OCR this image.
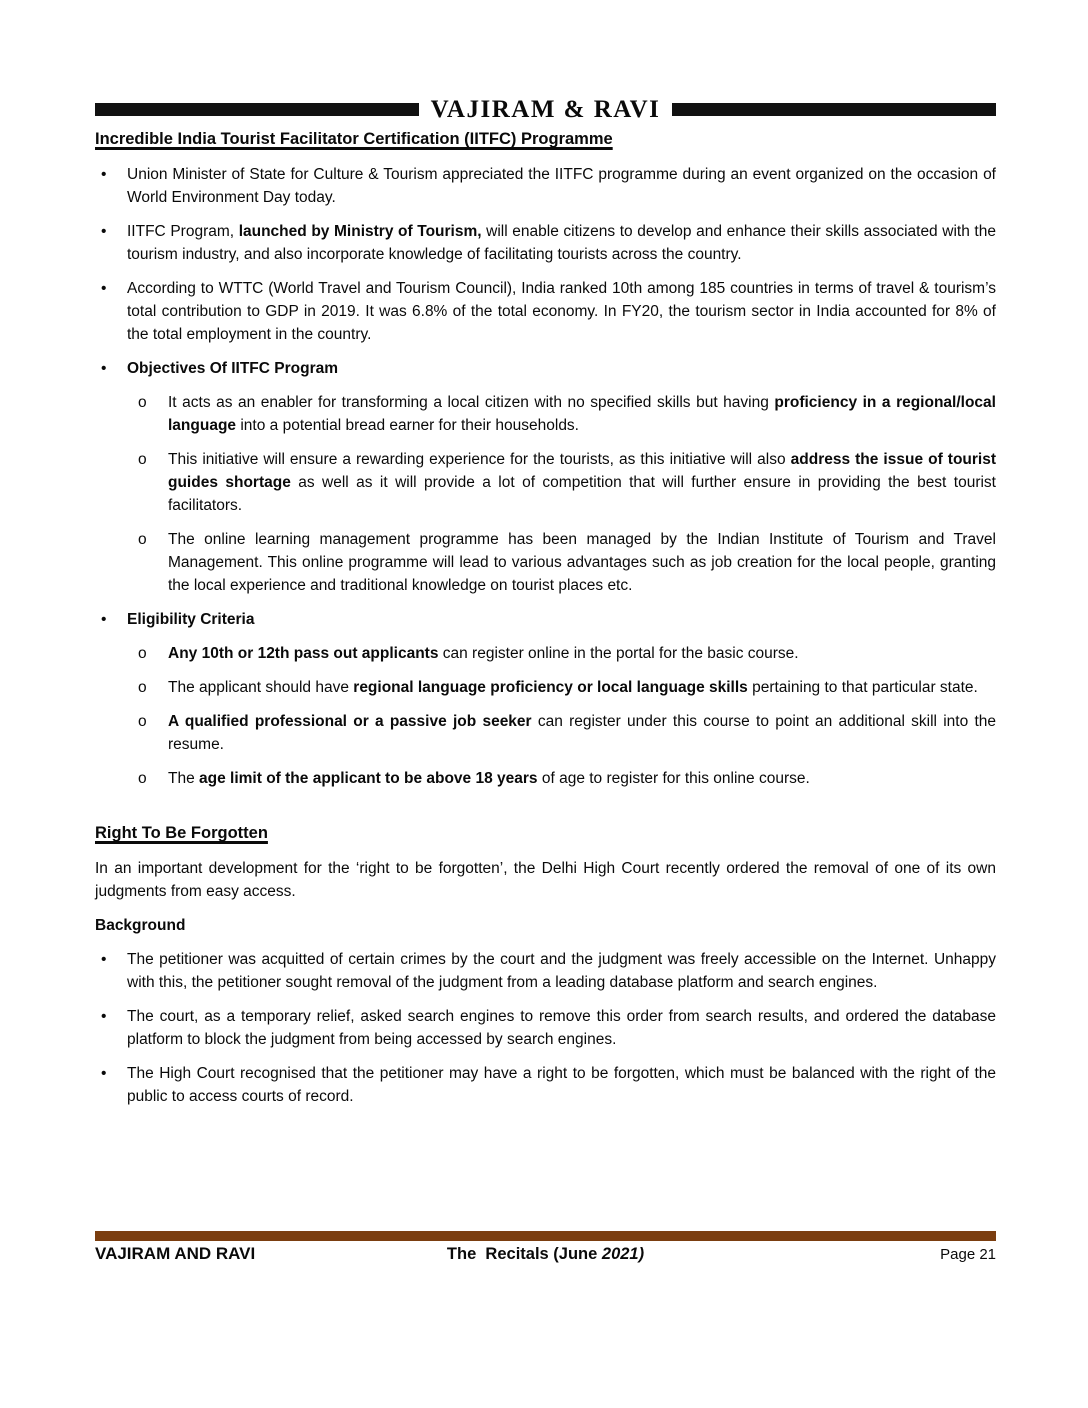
VAJIRAM & RAVI
Incredible India Tourist Facilitator Certification (IITFC) Programme
•	Union Minister of State for Culture & Tourism appreciated the IITFC programme during an event organized on the occasion of World Environment Day today.
•	IITFC Program, launched by Ministry of Tourism, will enable citizens to develop and enhance their skills associated with the tourism industry, and also incorporate knowledge of facilitating tourists across the country.
•	According to WTTC (World Travel and Tourism Council), India ranked 10th among 185 countries in terms of travel & tourism’s total contribution to GDP in 2019. It was 6.8% of the total economy. In FY20, the tourism sector in India accounted for 8% of the total employment in the country.
•	Objectives Of IITFC Program
o	It acts as an enabler for transforming a local citizen with no specified skills but having proficiency in a regional/local language into a potential bread earner for their households.
o	This initiative will ensure a rewarding experience for the tourists, as this initiative will also address the issue of tourist guides shortage as well as it will provide a lot of competition that will further ensure in providing the best tourist facilitators.
o	The online learning management programme has been managed by the Indian Institute of Tourism and Travel Management. This online programme will lead to various advantages such as job creation for the local people, granting the local experience and traditional knowledge on tourist places etc.
•	Eligibility Criteria
o	Any 10th or 12th pass out applicants can register online in the portal for the basic course.
o	The applicant should have regional language proficiency or local language skills pertaining to that particular state.
o	A qualified professional or a passive job seeker can register under this course to point an additional skill into the resume.
o	The age limit of the applicant to be above 18 years of age to register for this online course.
Right To Be Forgotten
In an important development for the ‘right to be forgotten’, the Delhi High Court recently ordered the removal of one of its own judgments from easy access.
Background
•	The petitioner was acquitted of certain crimes by the court and the judgment was freely accessible on the Internet. Unhappy with this, the petitioner sought removal of the judgment from a leading database platform and search engines.
•	The court, as a temporary relief, asked search engines to remove this order from search results, and ordered the database platform to block the judgment from being accessed by search engines.
•	The High Court recognised that the petitioner may have a right to be forgotten, which must be balanced with the right of the public to access courts of record.
VAJIRAM AND RAVI	The  Recitals (June 2021)	Page 21
